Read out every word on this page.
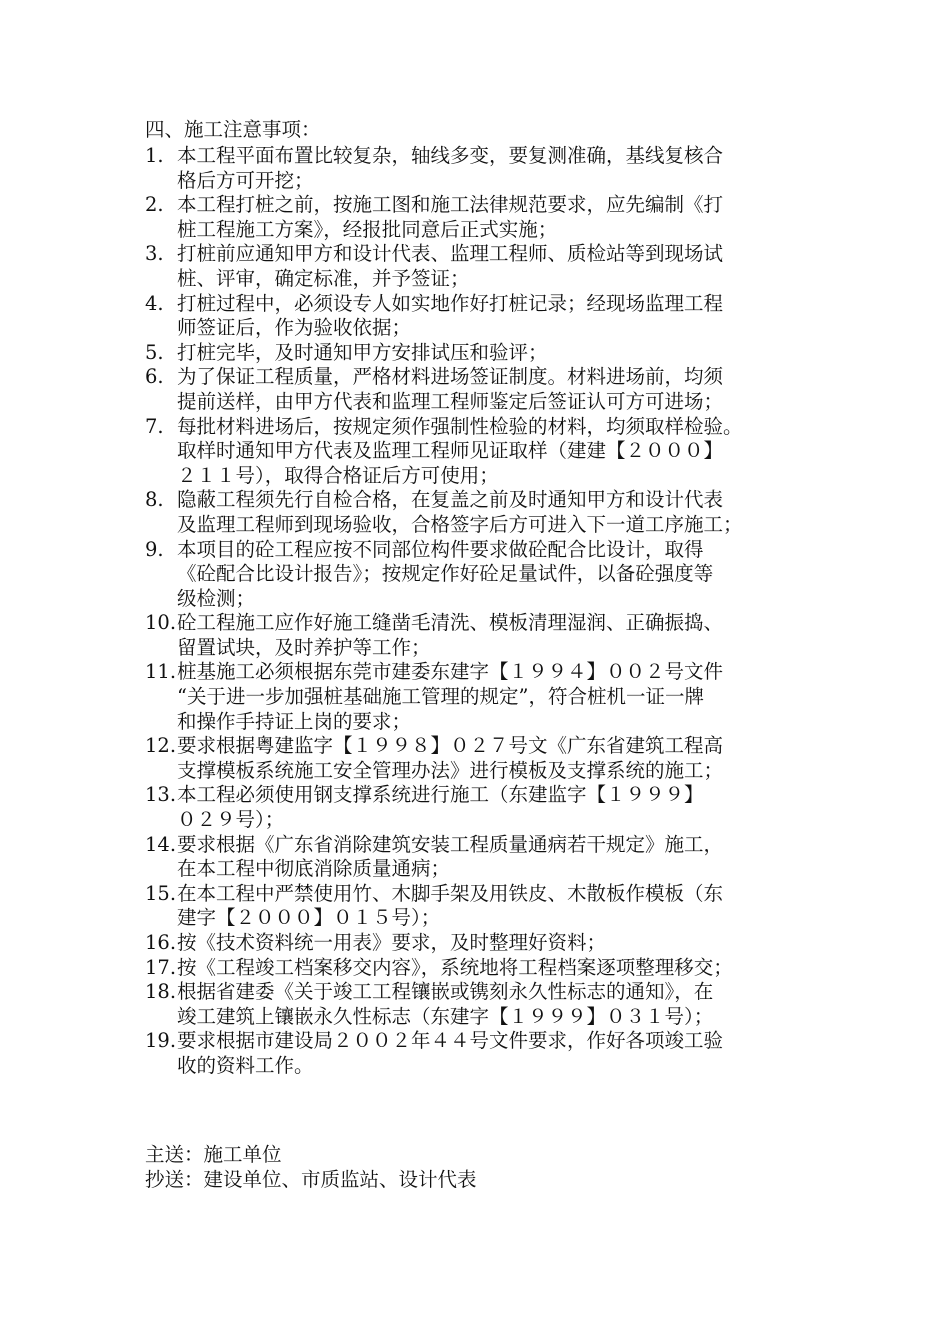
四、施工注意事项：
1. 本工程平面布置比较复杂，轴线多变，要复测准确，基线复核合
格后方可开挖；
2. 本工程打桩之前，按施工图和施工法律规范要求，应先编制《打
桩工程施工方案》，经报批同意后正式实施；
3. 打桩前应通知甲方和设计代表、监理工程师、质检站等到现场试
桩、评审，确定标准，并予签证；
4. 打桩过程中，必须设专人如实地作好打桩记录；经现场监理工程
师签证后，作为验收依据；
5. 打桩完毕，及时通知甲方安排试压和验评；
6. 为了保证工程质量，严格材料进场签证制度。材料进场前，均须
提前送样，由甲方代表和监理工程师鉴定后签证认可方可进场；
7. 每批材料进场后，按规定须作强制性检验的材料，均须取样检验。
取样时通知甲方代表及监理工程师见证取样（建建【２０００】
２１１号），取得合格证后方可使用；
8. 隐蔽工程须先行自检合格，在复盖之前及时通知甲方和设计代表
及监理工程师到现场验收，合格签字后方可进入下一道工序施工；
9. 本项目的砼工程应按不同部位构件要求做砼配合比设计，取得
《砼配合比设计报告》；按规定作好砼足量试件，以备砼强度等
级检测；
10. 砼工程施工应作好施工缝凿毛清洗、模板清理湿润、正确振捣、
留置试块，及时养护等工作；
11. 桩基施工必须根据东莞市建委东建字【１９９４】００２号文件
“关于进一步加强桩基础施工管理的规定”，符合桩机一证一牌
和操作手持证上岗的要求；
12. 要求根据粤建监字【１９９８】０２７号文《广东省建筑工程高
支撑模板系统施工安全管理办法》进行模板及支撑系统的施工；
13. 本工程必须使用钢支撑系统进行施工（东建监字【１９９９】
０２９号）；
14. 要求根据《广东省消除建筑安装工程质量通病若干规定》施工，
在本工程中彻底消除质量通病；
15. 在本工程中严禁使用竹、木脚手架及用铁皮、木散板作模板（东
建字【２０００】０１５号）；
16. 按《技术资料统一用表》要求，及时整理好资料；
17. 按《工程竣工档案移交内容》，系统地将工程档案逐项整理移交；
18. 根据省建委《关于竣工工程镶嵌或镌刻永久性标志的通知》，在
竣工建筑上镶嵌永久性标志（东建字【１９９９】０３１号）；
19. 要求根据市建设局２００２年４４号文件要求，作好各项竣工验
收的资料工作。
主送：施工单位
抄送：建设单位、市质监站、设计代表
